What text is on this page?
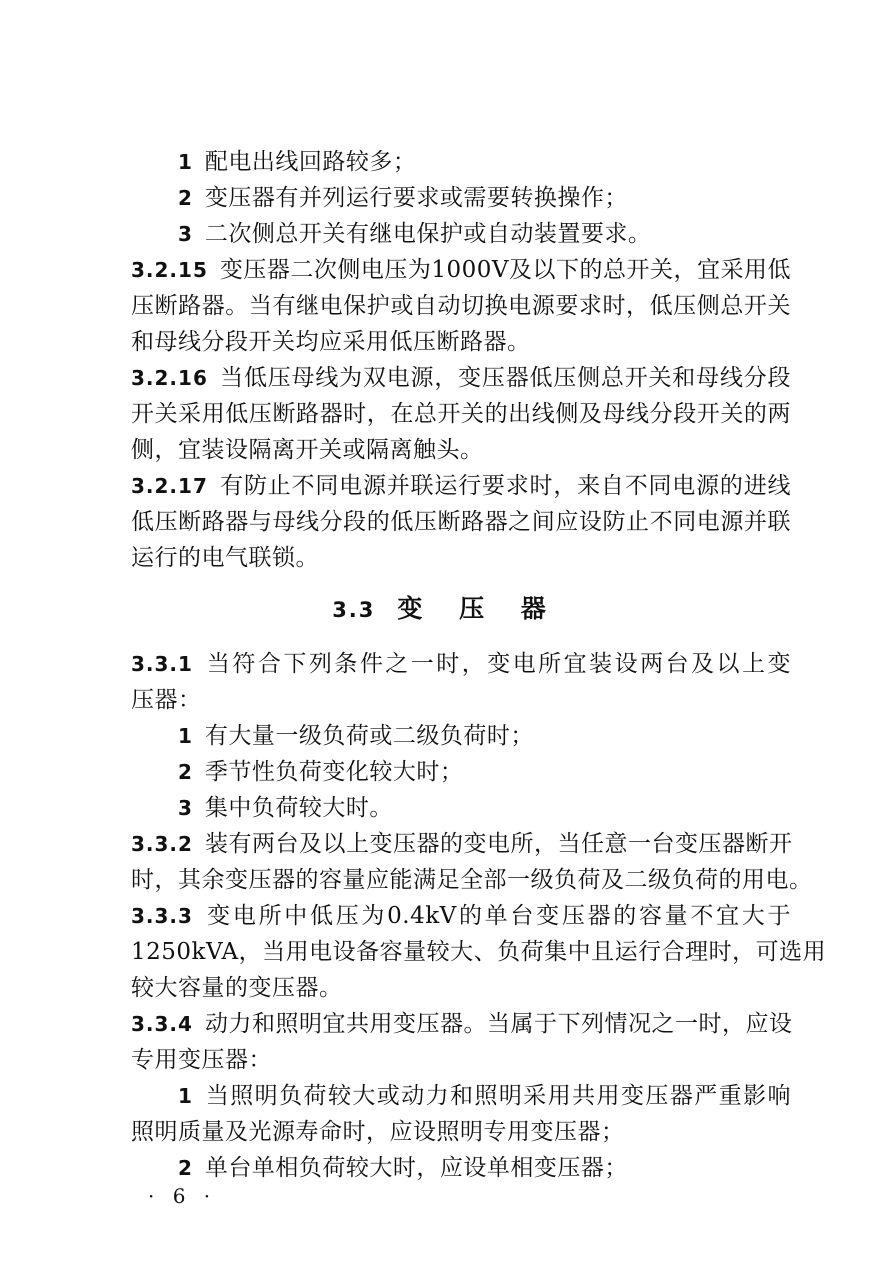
1 配电出线回路较多；
2 变压器有并列运行要求或需要转换操作；
3 二次侧总开关有继电保护或自动装置要求。
3.2.15 变压器二次侧电压为1000V及以下的总开关，宜采用低
压断路器。当有继电保护或自动切换电源要求时，低压侧总开关
和母线分段开关均应采用低压断路器。
3.2.16 当低压母线为双电源，变压器低压侧总开关和母线分段
开关采用低压断路器时，在总开关的出线侧及母线分段开关的两
侧，宜装设隔离开关或隔离触头。
3.2.17 有防止不同电源并联运行要求时，来自不同电源的进线
低压断路器与母线分段的低压断路器之间应设防止不同电源并联
运行的电气联锁。
3.3 变 压 器
3.3.1 当符合下列条件之一时，变电所宜装设两台及以上变
压器：
1 有大量一级负荷或二级负荷时；
2 季节性负荷变化较大时；
3 集中负荷较大时。
3.3.2 装有两台及以上变压器的变电所，当任意一台变压器断开
时，其余变压器的容量应能满足全部一级负荷及二级负荷的用电。
3.3.3 变电所中低压为0.4kV的单台变压器的容量不宜大于
1250kVA，当用电设备容量较大、负荷集中且运行合理时，可选用
较大容量的变压器。
3.3.4 动力和照明宜共用变压器。当属于下列情况之一时，应设
专用变压器：
1 当照明负荷较大或动力和照明采用共用变压器严重影响
照明质量及光源寿命时，应设照明专用变压器；
2 单台单相负荷较大时，应设单相变压器；
· 6 ·
